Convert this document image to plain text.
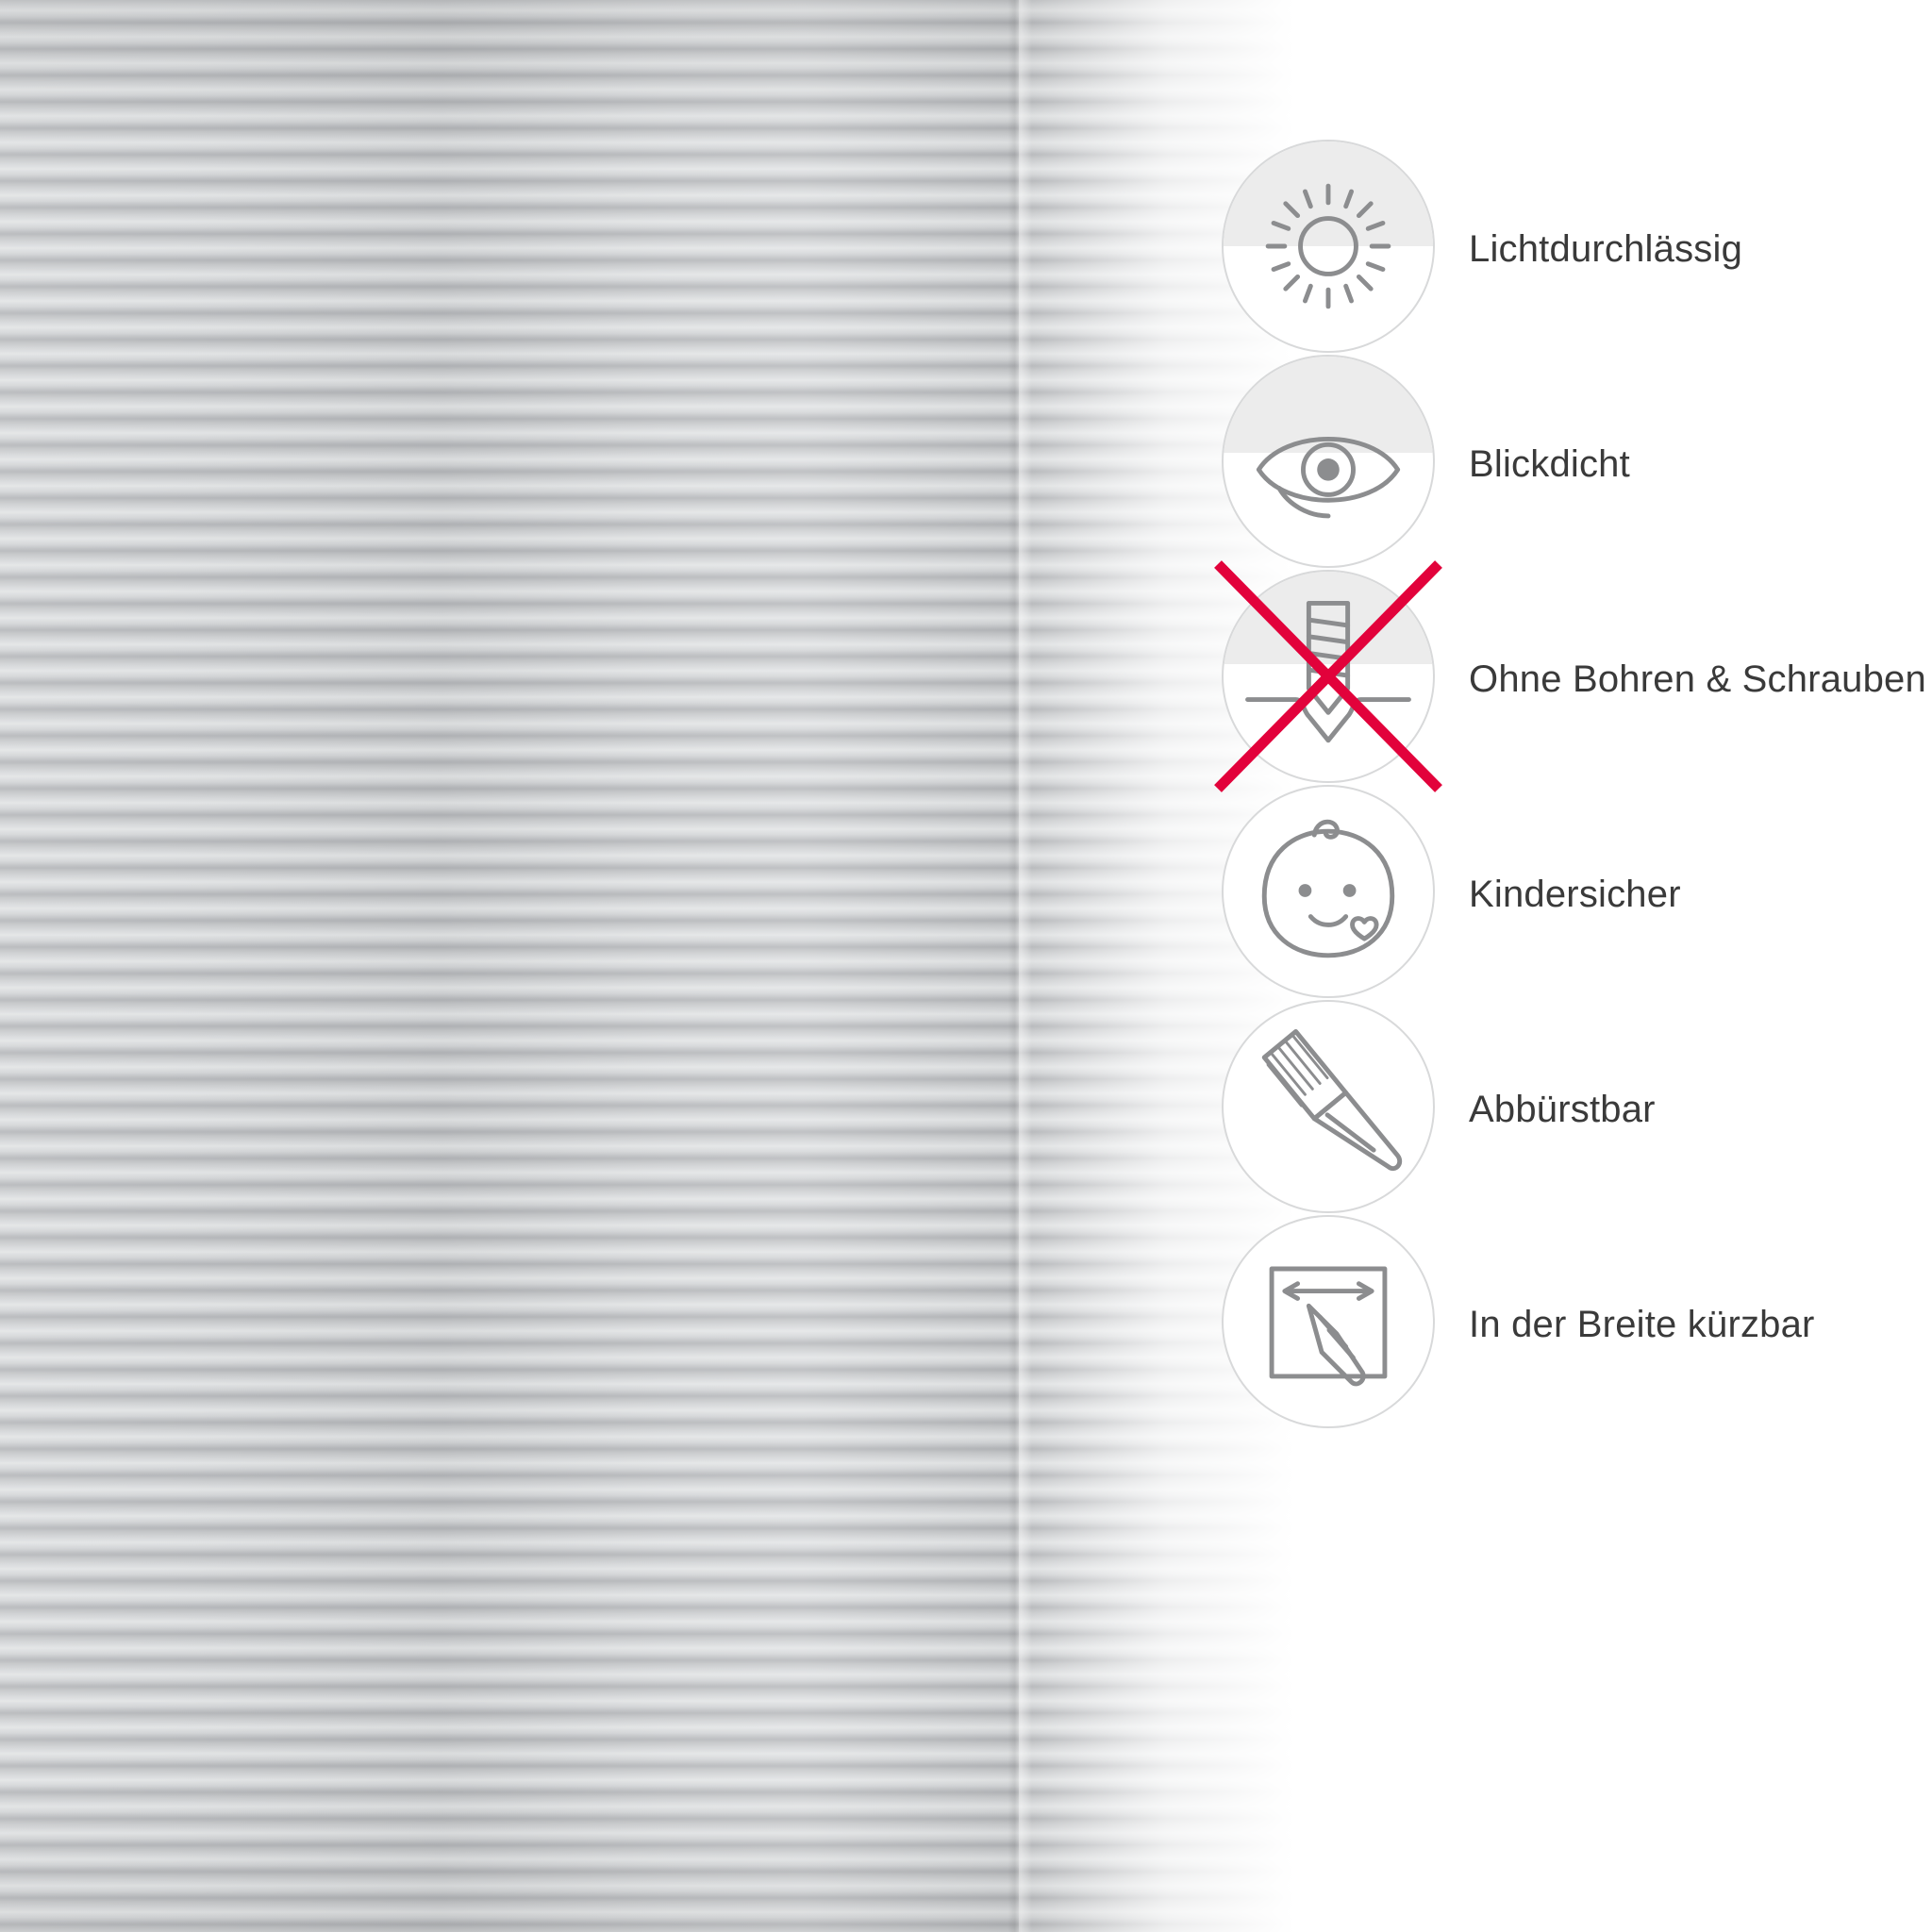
Lichtdurchlässig
Blickdicht
Ohne Bohren & Schrauben
Kindersicher
Abbürstbar
In der Breite kürzbar
